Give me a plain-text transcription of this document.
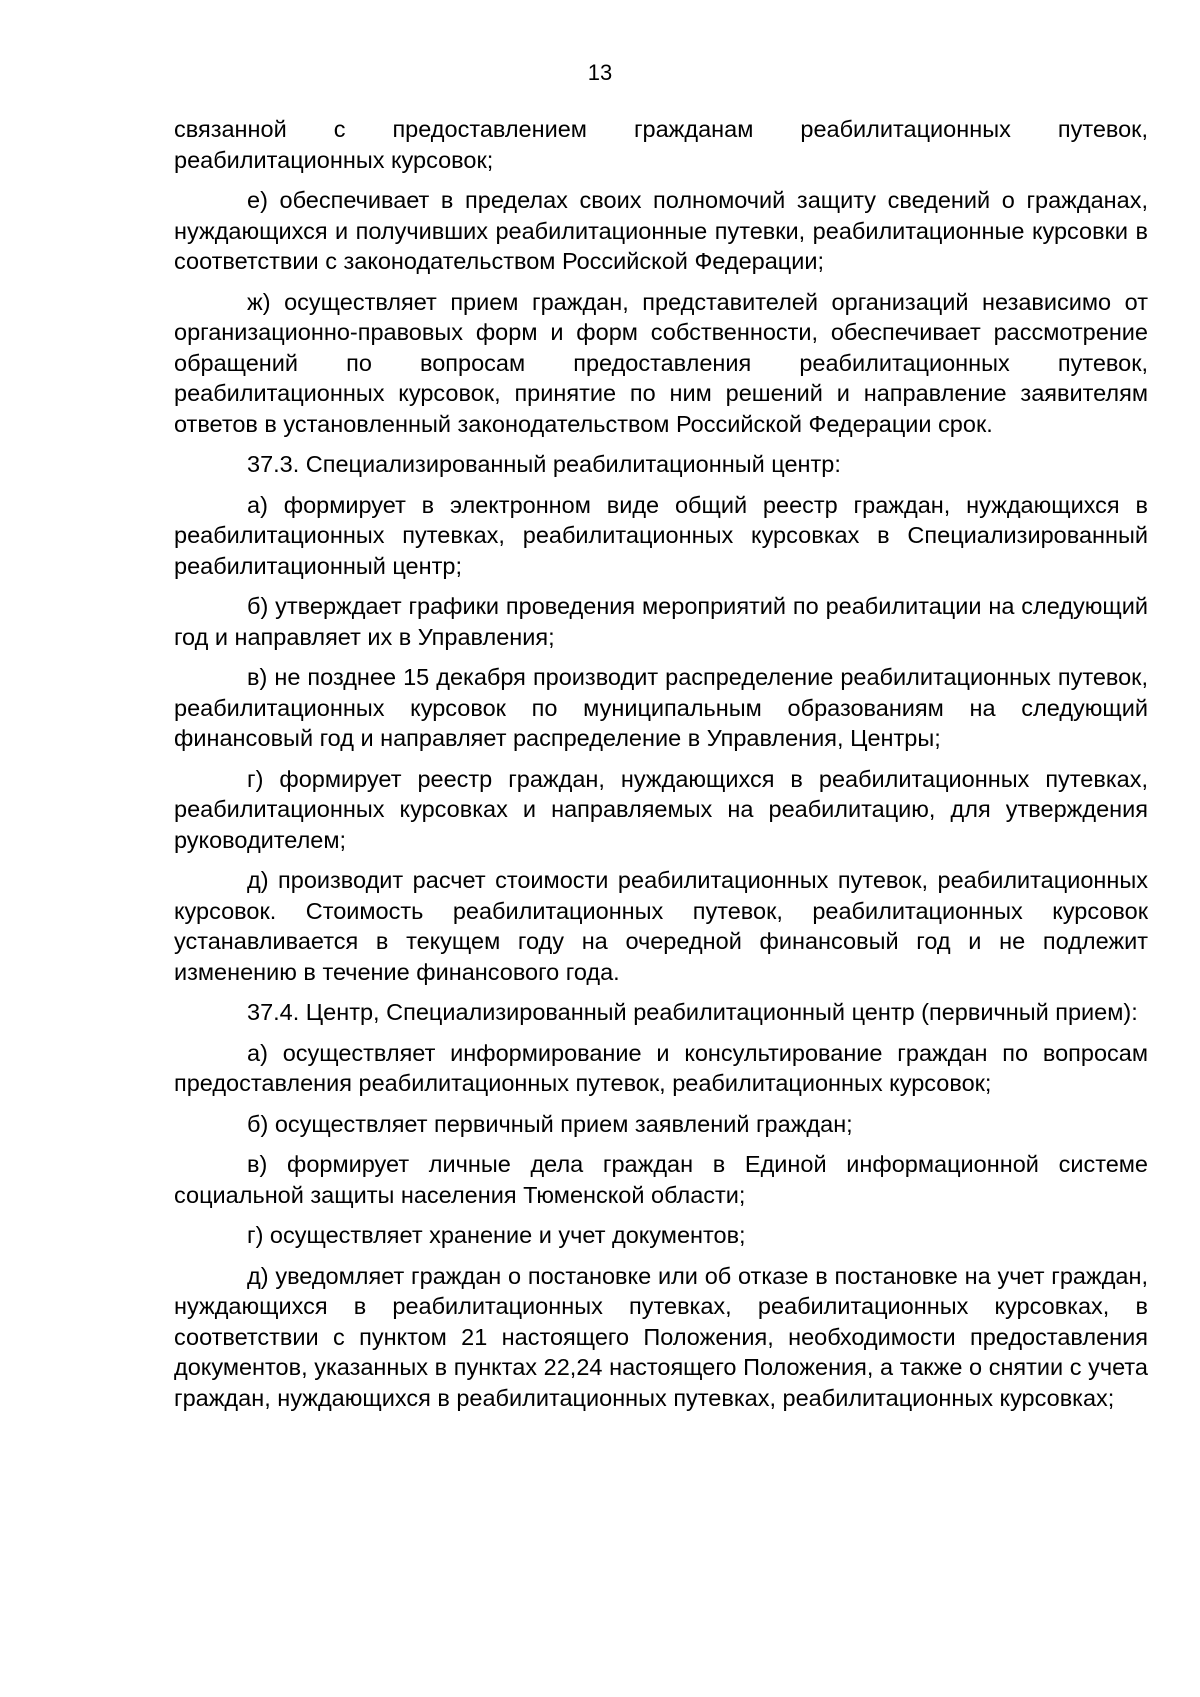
13

связанной с предоставлением гражданам реабилитационных путевок, реабилитационных курсовок;

е) обеспечивает в пределах своих полномочий защиту сведений о гражданах, нуждающихся и получивших реабилитационные путевки, реабилитационные курсовки в соответствии с законодательством Российской Федерации;

ж) осуществляет прием граждан, представителей организаций независимо от организационно-правовых форм и форм собственности, обеспечивает рассмотрение обращений по вопросам предоставления реабилитационных путевок, реабилитационных курсовок, принятие по ним решений и направление заявителям ответов в установленный законодательством Российской Федерации срок.

37.3. Специализированный реабилитационный центр:

а) формирует в электронном виде общий реестр граждан, нуждающихся в реабилитационных путевках, реабилитационных курсовках в Специализированный реабилитационный центр;

б) утверждает графики проведения мероприятий по реабилитации на следующий год и направляет их в Управления;

в) не позднее 15 декабря производит распределение реабилитационных путевок, реабилитационных курсовок по муниципальным образованиям на следующий финансовый год и направляет распределение в Управления, Центры;

г) формирует реестр граждан, нуждающихся в реабилитационных путевках, реабилитационных курсовках и направляемых на реабилитацию, для утверждения руководителем;

д) производит расчет стоимости реабилитационных путевок, реабилитационных курсовок. Стоимость реабилитационных путевок, реабилитационных курсовок устанавливается в текущем году на очередной финансовый год и не подлежит изменению в течение финансового года.

37.4. Центр, Специализированный реабилитационный центр (первичный прием):

а) осуществляет информирование и консультирование граждан по вопросам предоставления реабилитационных путевок, реабилитационных курсовок;

б) осуществляет первичный прием заявлений граждан;

в) формирует личные дела граждан в Единой информационной системе социальной защиты населения Тюменской области;

г) осуществляет хранение и учет документов;

д) уведомляет граждан о постановке или об отказе в постановке на учет граждан, нуждающихся в реабилитационных путевках, реабилитационных курсовках, в соответствии с пунктом 21 настоящего Положения, необходимости предоставления документов, указанных в пунктах 22,24 настоящего Положения, а также о снятии с учета граждан, нуждающихся в реабилитационных путевках, реабилитационных курсовках;
